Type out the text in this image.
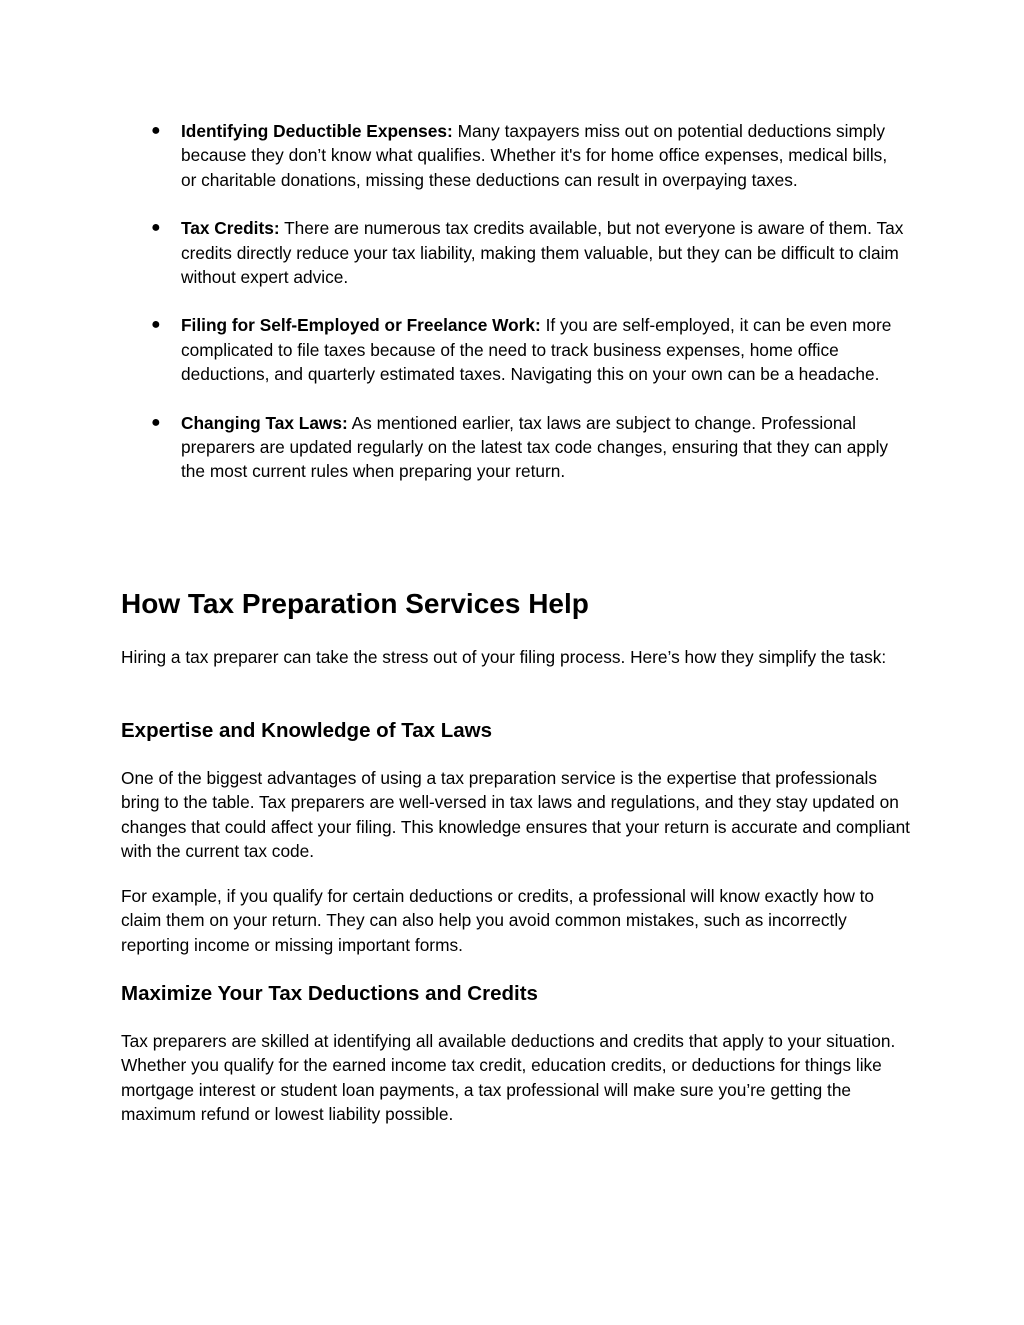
● Identifying Deductible Expenses: Many taxpayers miss out on potential deductions simply because they don’t know what qualifies. Whether it's for home office expenses, medical bills, or charitable donations, missing these deductions can result in overpaying taxes.

● Tax Credits: There are numerous tax credits available, but not everyone is aware of them. Tax credits directly reduce your tax liability, making them valuable, but they can be difficult to claim without expert advice.

● Filing for Self-Employed or Freelance Work: If you are self-employed, it can be even more complicated to file taxes because of the need to track business expenses, home office deductions, and quarterly estimated taxes. Navigating this on your own can be a headache.

● Changing Tax Laws: As mentioned earlier, tax laws are subject to change. Professional preparers are updated regularly on the latest tax code changes, ensuring that they can apply the most current rules when preparing your return.

How Tax Preparation Services Help

Hiring a tax preparer can take the stress out of your filing process. Here’s how they simplify the task:

Expertise and Knowledge of Tax Laws

One of the biggest advantages of using a tax preparation service is the expertise that professionals bring to the table. Tax preparers are well-versed in tax laws and regulations, and they stay updated on changes that could affect your filing. This knowledge ensures that your return is accurate and compliant with the current tax code.

For example, if you qualify for certain deductions or credits, a professional will know exactly how to claim them on your return. They can also help you avoid common mistakes, such as incorrectly reporting income or missing important forms.

Maximize Your Tax Deductions and Credits

Tax preparers are skilled at identifying all available deductions and credits that apply to your situation. Whether you qualify for the earned income tax credit, education credits, or deductions for things like mortgage interest or student loan payments, a tax professional will make sure you’re getting the maximum refund or lowest liability possible.
